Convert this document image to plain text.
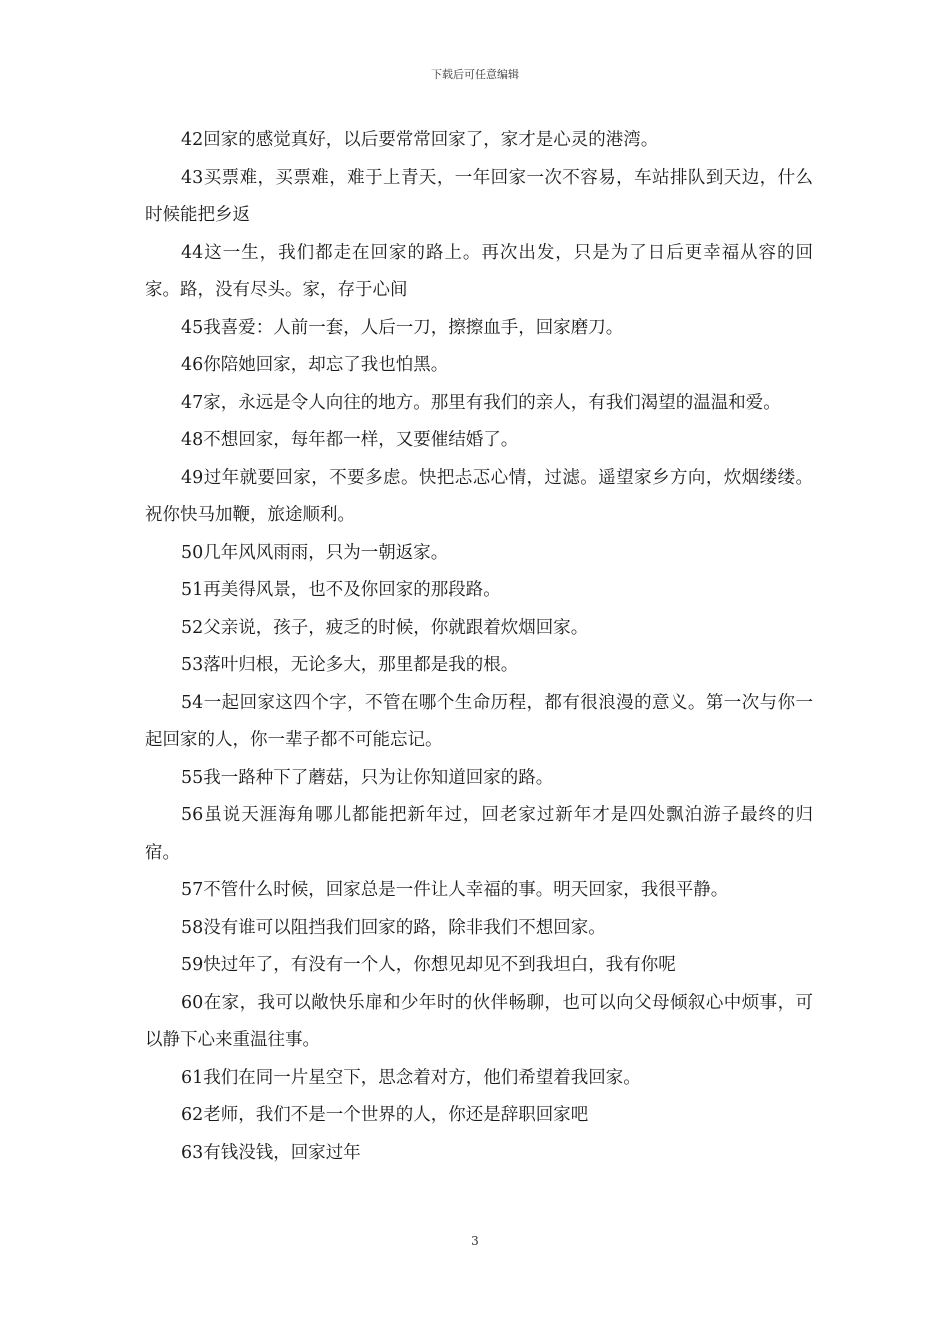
下载后可任意编辑

42回家的感觉真好，以后要常常回家了，家才是心灵的港湾。

43买票难，买票难，难于上青天，一年回家一次不容易，车站排队到天边，什么时候能把乡返

44这一生，我们都走在回家的路上。再次出发，只是为了日后更幸福从容的回家。路，没有尽头。家，存于心间

45我喜爱：人前一套，人后一刀，擦擦血手，回家磨刀。

46你陪她回家，却忘了我也怕黑。

47家，永远是令人向往的地方。那里有我们的亲人，有我们渴望的温温和爱。

48不想回家，每年都一样，又要催结婚了。

49过年就要回家，不要多虑。快把忐忑心情，过滤。遥望家乡方向，炊烟缕缕。祝你快马加鞭，旅途顺利。

50几年风风雨雨，只为一朝返家。

51再美得风景，也不及你回家的那段路。

52父亲说，孩子，疲乏的时候，你就跟着炊烟回家。

53落叶归根，无论多大，那里都是我的根。

54一起回家这四个字，不管在哪个生命历程，都有很浪漫的意义。第一次与你一起回家的人，你一辈子都不可能忘记。

55我一路种下了蘑菇，只为让你知道回家的路。

56虽说天涯海角哪儿都能把新年过，回老家过新年才是四处飘泊游子最终的归宿。

57不管什么时候，回家总是一件让人幸福的事。明天回家，我很平静。

58没有谁可以阻挡我们回家的路，除非我们不想回家。

59快过年了，有没有一个人，你想见却见不到我坦白，我有你呢

60在家，我可以敞快乐扉和少年时的伙伴畅聊，也可以向父母倾叙心中烦事，可以静下心来重温往事。

61我们在同一片星空下，思念着对方，他们希望着我回家。

62老师，我们不是一个世界的人，你还是辞职回家吧

63有钱没钱，回家过年

3
